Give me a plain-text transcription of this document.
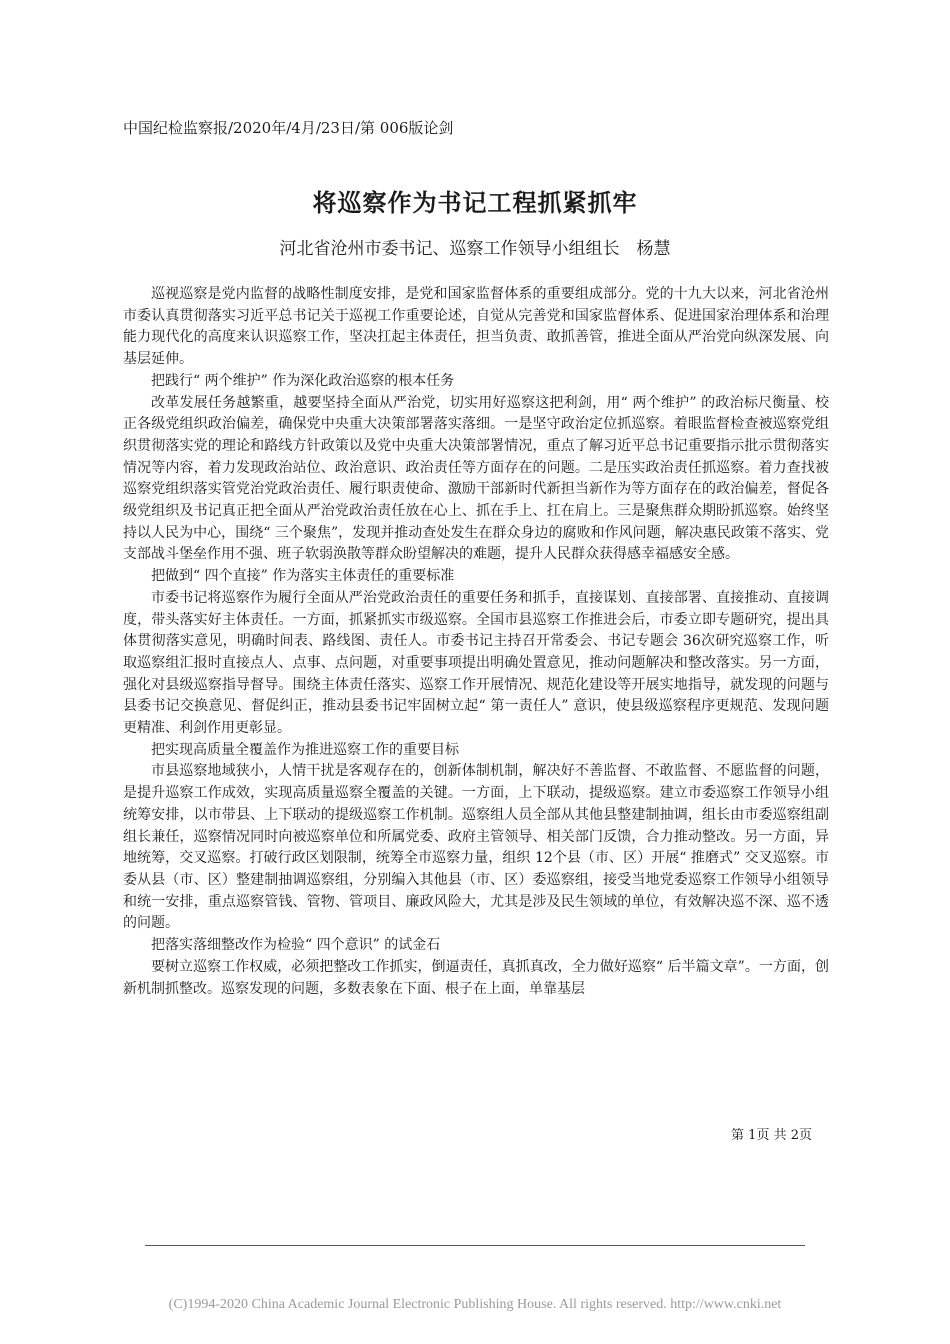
中国纪检监察报/2020年/4月/23日/第 006版论剑
将巡察作为书记工程抓紧抓牢
河北省沧州市委书记、巡察工作领导小组组长　杨慧

巡视巡察是党内监督的战略性制度安排，是党和国家监督体系的重要组成部分。党的十九大以来，河北省沧州市委认真贯彻落实习近平总书记关于巡视工作重要论述，自觉从完善党和国家监督体系、促进国家治理体系和治理能力现代化的高度来认识巡察工作，坚决扛起主体责任，担当负责、敢抓善管，推进全面从严治党向纵深发展、向基层延伸。

把践行“ 两个维护” 作为深化政治巡察的根本任务

改革发展任务越繁重，越要坚持全面从严治党，切实用好巡察这把利剑，用“ 两个维护” 的政治标尺衡量、校正各级党组织政治偏差，确保党中央重大决策部署落实落细。一是坚守政治定位抓巡察。着眼监督检查被巡察党组织贯彻落实党的理论和路线方针政策以及党中央重大决策部署情况，重点了解习近平总书记重要指示批示贯彻落实情况等内容，着力发现政治站位、政治意识、政治责任等方面存在的问题。二是压实政治责任抓巡察。着力查找被巡察党组织落实管党治党政治责任、履行职责使命、激励干部新时代新担当新作为等方面存在的政治偏差，督促各级党组织及书记真正把全面从严治党政治责任放在心上、抓在手上、扛在肩上。三是聚焦群众期盼抓巡察。始终坚持以人民为中心，围绕“ 三个聚焦”，发现并推动查处发生在群众身边的腐败和作风问题，解决惠民政策不落实、党支部战斗堡垒作用不强、班子软弱涣散等群众盼望解决的难题，提升人民群众获得感幸福感安全感。

把做到“ 四个直接” 作为落实主体责任的重要标准

市委书记将巡察作为履行全面从严治党政治责任的重要任务和抓手，直接谋划、直接部署、直接推动、直接调度，带头落实好主体责任。一方面，抓紧抓实市级巡察。全国市县巡察工作推进会后，市委立即专题研究，提出具体贯彻落实意见，明确时间表、路线图、责任人。市委书记主持召开常委会、书记专题会 36次研究巡察工作，听取巡察组汇报时直接点人、点事、点问题，对重要事项提出明确处置意见，推动问题解决和整改落实。另一方面，强化对县级巡察指导督导。围绕主体责任落实、巡察工作开展情况、规范化建设等开展实地指导，就发现的问题与县委书记交换意见、督促纠正，推动县委书记牢固树立起“ 第一责任人” 意识，使县级巡察程序更规范、发现问题更精准、利剑作用更彰显。

把实现高质量全覆盖作为推进巡察工作的重要目标

市县巡察地域狭小，人情干扰是客观存在的，创新体制机制，解决好不善监督、不敢监督、不愿监督的问题，是提升巡察工作成效，实现高质量巡察全覆盖的关键。一方面，上下联动，提级巡察。建立市委巡察工作领导小组统筹安排，以市带县、上下联动的提级巡察工作机制。巡察组人员全部从其他县整建制抽调，组长由市委巡察组副组长兼任，巡察情况同时向被巡察单位和所属党委、政府主管领导、相关部门反馈，合力推动整改。另一方面，异地统筹，交叉巡察。打破行政区划限制，统筹全市巡察力量，组织 12个县（市、区）开展“ 推磨式” 交叉巡察。市委从县（市、区）整建制抽调巡察组，分别编入其他县（市、区）委巡察组，接受当地党委巡察工作领导小组领导和统一安排，重点巡察管钱、管物、管项目、廉政风险大，尤其是涉及民生领域的单位，有效解决巡不深、巡不透的问题。

把落实落细整改作为检验“ 四个意识” 的试金石

要树立巡察工作权威，必须把整改工作抓实，倒逼责任，真抓真改，全力做好巡察“ 后半篇文章”。一方面，创新机制抓整改。巡察发现的问题，多数表象在下面、根子在上面，单靠基层

第 1页 共 2页
(C)1994-2020 China Academic Journal Electronic Publishing House. All rights reserved. http://www.cnki.net
